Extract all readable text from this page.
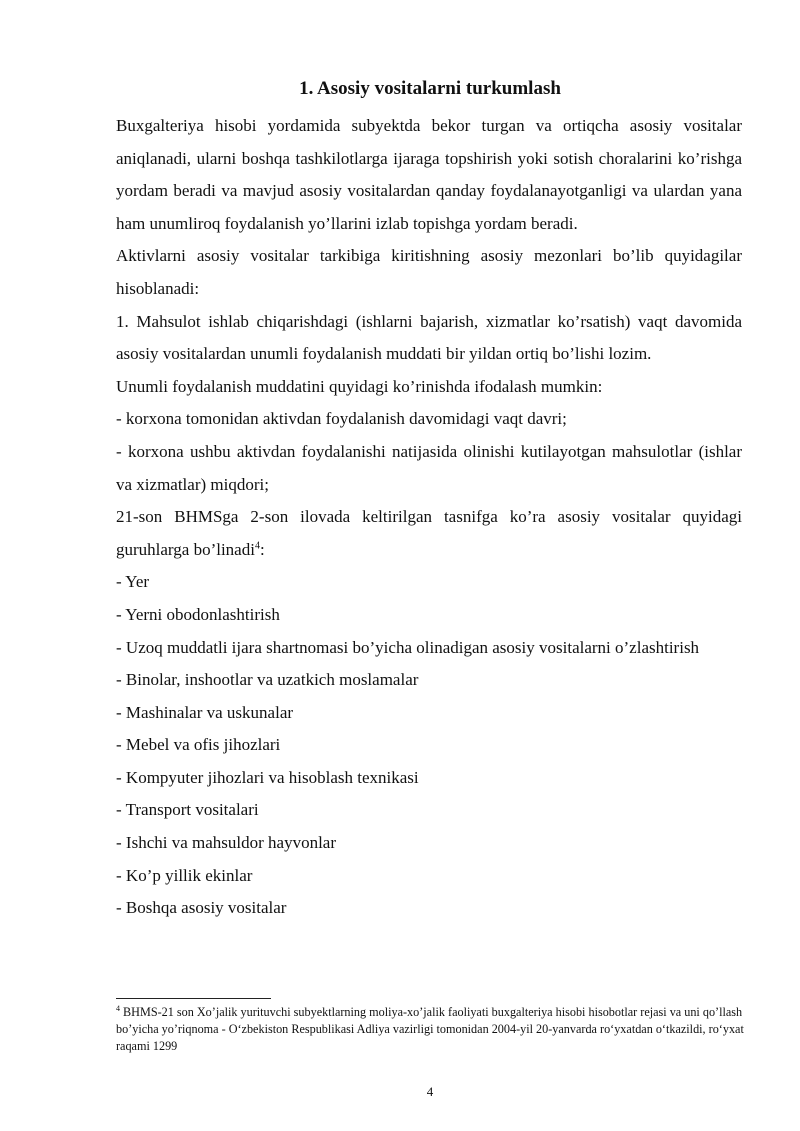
1. Asosiy vositalarni turkumlash

Buxgalteriya hisobi yordamida subyektda bekor turgan va ortiqcha asosiy vositalar aniqlanadi, ularni boshqa tashkilotlarga ijaraga topshirish yoki sotish choralarini ko’rishga yordam beradi va mavjud asosiy vositalardan qanday foydalanayotganligi va ulardan yana ham unumliroq foydalanish yo’llarini izlab topishga yordam beradi.

Aktivlarni asosiy vositalar tarkibiga kiritishning asosiy mezonlari bo’lib quyidagilar hisoblanadi:

1. Mahsulot ishlab chiqarishdagi (ishlarni bajarish, xizmatlar ko’rsatish) vaqt davomida asosiy vositalardan unumli foydalanish muddati bir yildan ortiq bo’lishi lozim.

Unumli foydalanish muddatini quyidagi ko’rinishda ifodalash mumkin:

- korxona tomonidan aktivdan foydalanish davomidagi vaqt davri;

- korxona ushbu aktivdan foydalanishi natijasida olinishi kutilayotgan mahsulotlar (ishlar va xizmatlar) miqdori;

21-son BHMSga 2-son ilovada keltirilgan tasnifga ko’ra asosiy vositalar quyidagi guruhlarga bo’linadi$^4$:

- Yer

- Yerni obodonlashtirish

- Uzoq muddatli ijara shartnomasi bo’yicha olinadigan asosiy vositalarni o’zlashtirish

- Binolar, inshootlar va uzatkich moslamalar

- Mashinalar va uskunalar

- Mebel va ofis jihozlari

- Kompyuter jihozlari va hisoblash texnikasi

- Transport vositalari

- Ishchi va mahsuldor hayvonlar

- Ko’p yillik ekinlar

- Boshqa asosiy vositalar

$^4$ BHMS-21 son Xo’jalik yurituvchi subyektlarning moliya-xo’jalik faoliyati buxgalteriya hisobi hisobotlar rejasi va uni qo’llash bo’yicha yo’riqnoma - O‘zbekiston Respublikasi Adliya vazirligi tomonidan 2004-yil 20-yanvarda ro‘yxatdan o‘tkazildi, ro‘yxat raqami 1299

4
